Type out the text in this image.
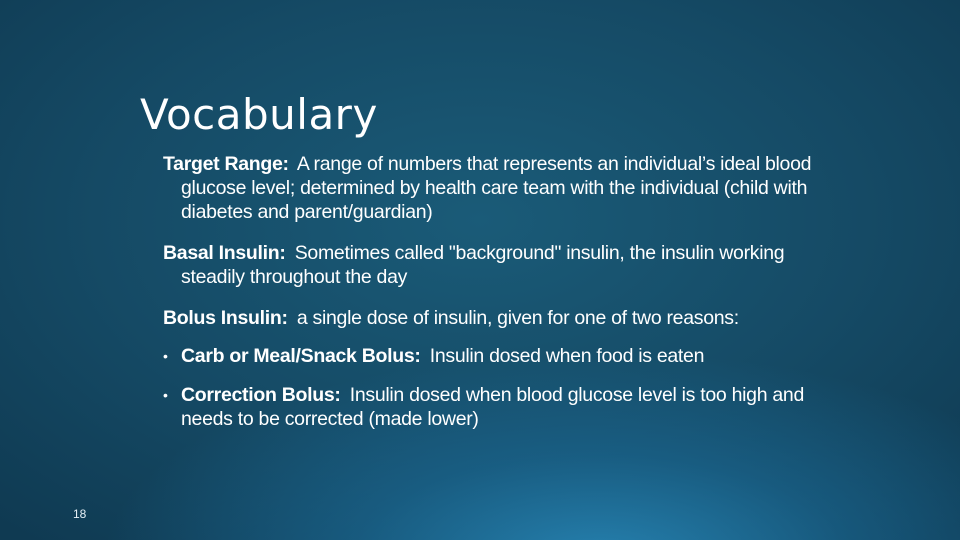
Vocabulary

Target Range: A range of numbers that represents an individual’s ideal blood glucose level; determined by health care team with the individual (child with diabetes and parent/guardian)

Basal Insulin: Sometimes called "background" insulin, the insulin working steadily throughout the day

Bolus Insulin: a single dose of insulin, given for one of two reasons:

• Carb or Meal/Snack Bolus: Insulin dosed when food is eaten
• Correction Bolus: Insulin dosed when blood glucose level is too high and needs to be corrected (made lower)
18
